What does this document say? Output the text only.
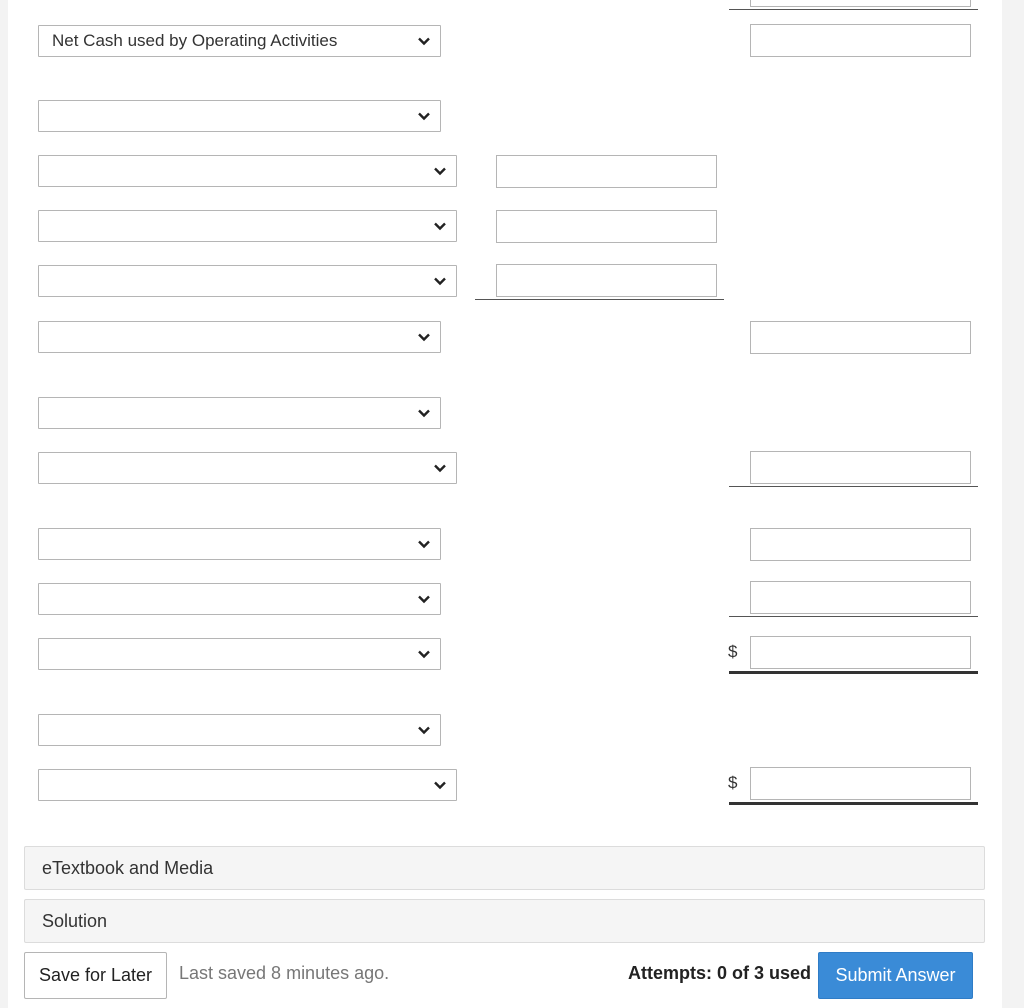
Net Cash used by Operating Activities
$
$
eTextbook and Media
Solution
Save for Later	Last saved 8 minutes ago.	Attempts: 0 of 3 used	Submit Answer
